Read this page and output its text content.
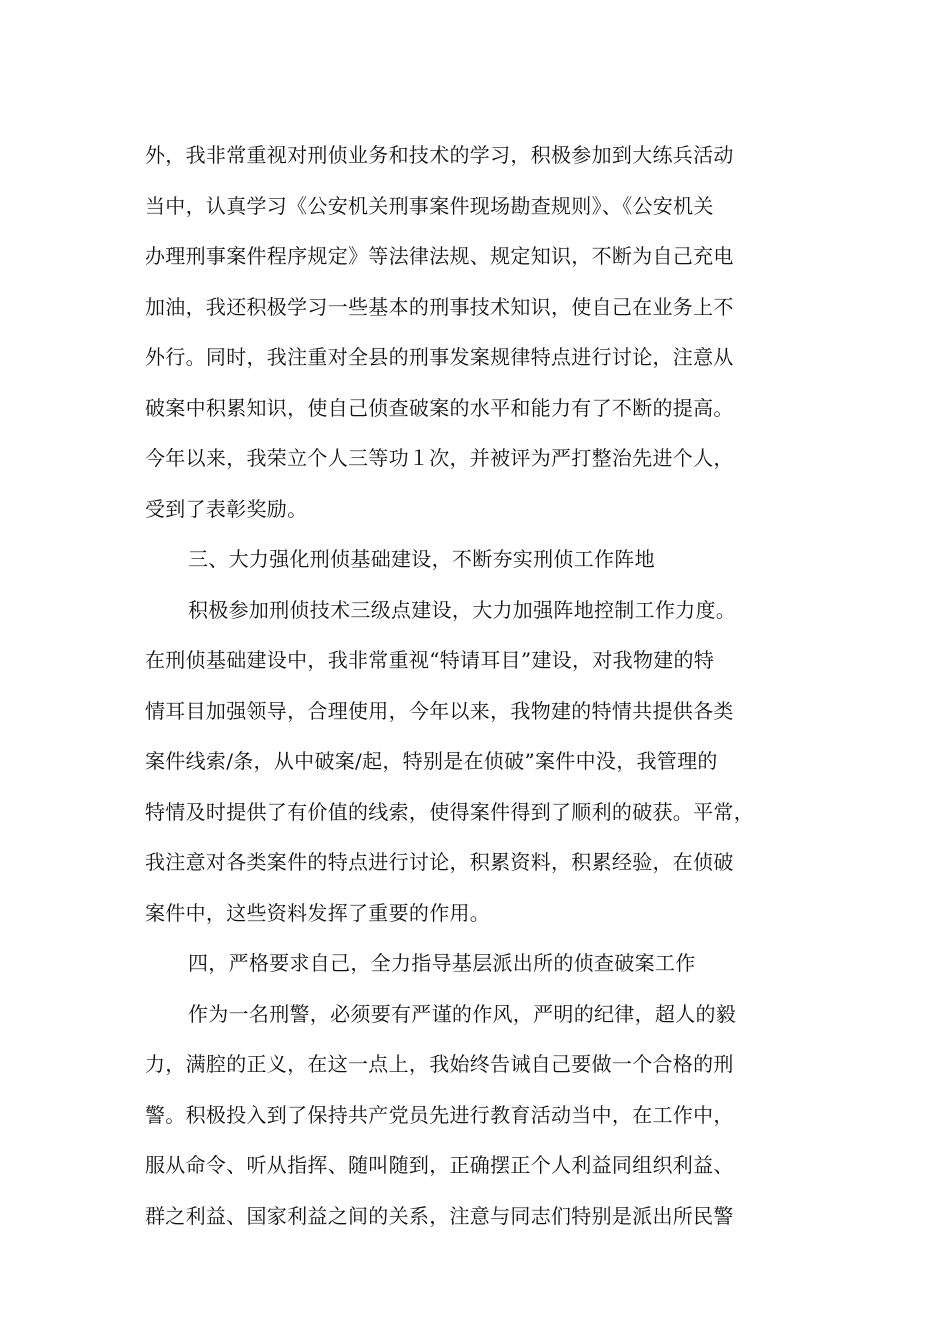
外，我非常重视对刑侦业务和技术的学习，积极参加到大练兵活动
当中，认真学习《公安机关刑事案件现场勘查规则》、《公安机关
办理刑事案件程序规定》等法律法规、规定知识，不断为自己充电
加油，我还积极学习一些基本的刑事技术知识，使自己在业务上不
外行。同时，我注重对全县的刑事发案规律特点进行讨论，注意从
破案中积累知识，使自己侦查破案的水平和能力有了不断的提高。
今年以来，我荣立个人三等功１次，并被评为严打整治先进个人，
受到了表彰奖励。
三、大力强化刑侦基础建设，不断夯实刑侦工作阵地
积极参加刑侦技术三级点建设，大力加强阵地控制工作力度。
在刑侦基础建设中，我非常重视“特请耳目”建设，对我物建的特
情耳目加强领导，合理使用，今年以来，我物建的特情共提供各类
案件线索/条，从中破案/起，特别是在侦破”案件中没，我管理的
特情及时提供了有价值的线索，使得案件得到了顺利的破获。平常，
我注意对各类案件的特点进行讨论，积累资料，积累经验，在侦破
案件中，这些资料发挥了重要的作用。
四，严格要求自己，全力指导基层派出所的侦查破案工作
作为一名刑警，必须要有严谨的作风，严明的纪律，超人的毅
力，满腔的正义，在这一点上，我始终告诫自己要做一个合格的刑
警。积极投入到了保持共产党员先进行教育活动当中，在工作中，
服从命令、听从指挥、随叫随到，正确摆正个人利益同组织利益、
群之利益、国家利益之间的关系，注意与同志们特别是派出所民警
